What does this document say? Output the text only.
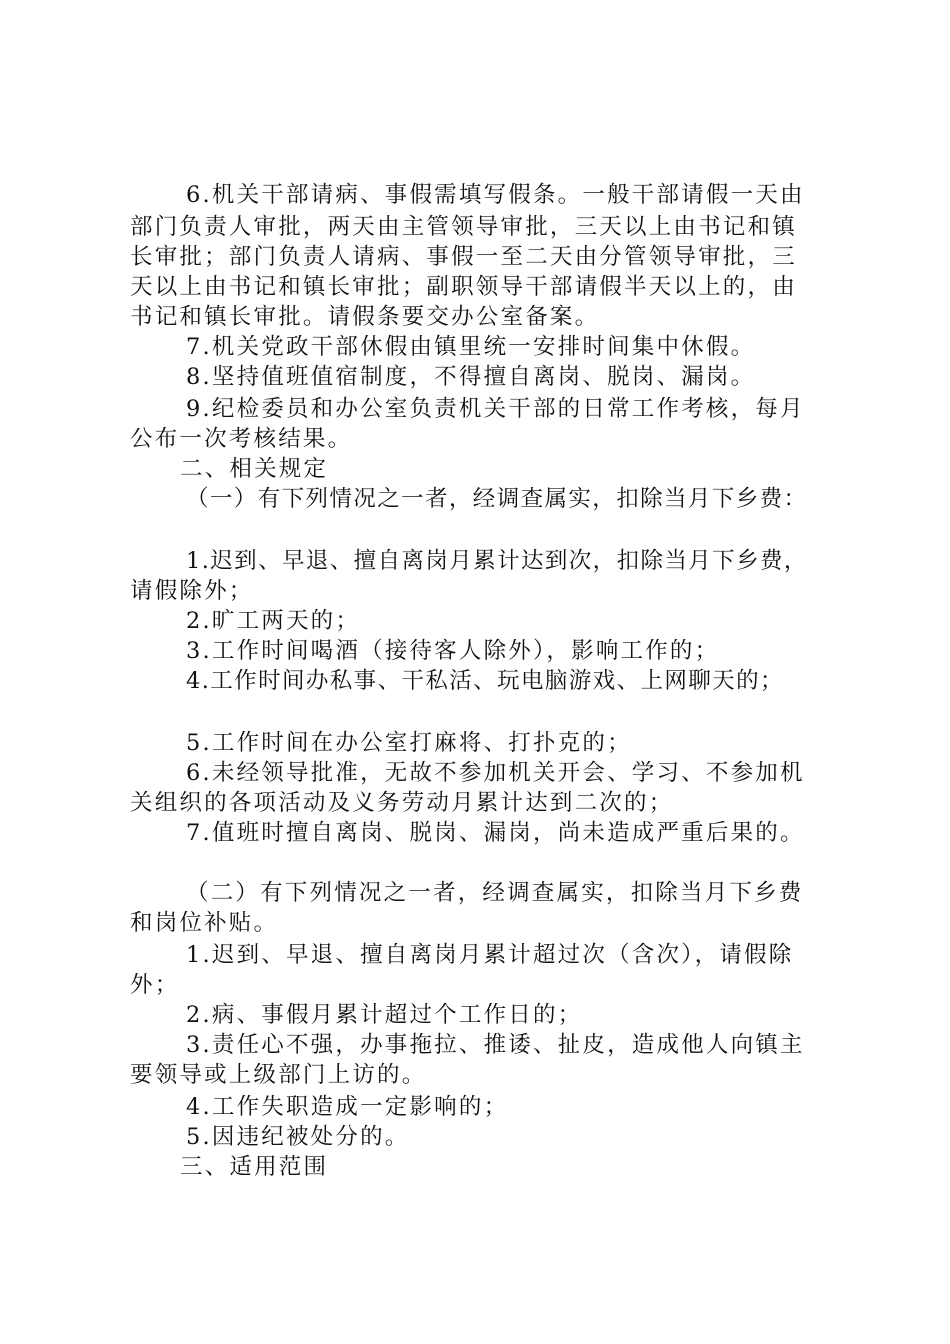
6.机关干部请病、事假需填写假条。一般干部请假一天由
部门负责人审批，两天由主管领导审批，三天以上由书记和镇
长审批；部门负责人请病、事假一至二天由分管领导审批，三
天以上由书记和镇长审批；副职领导干部请假半天以上的，由
书记和镇长审批。请假条要交办公室备案。
7.机关党政干部休假由镇里统一安排时间集中休假。
8.坚持值班值宿制度，不得擅自离岗、脱岗、漏岗。
9.纪检委员和办公室负责机关干部的日常工作考核，每月
公布一次考核结果。
二、相关规定
（一）有下列情况之一者，经调查属实，扣除当月下乡费：
1.迟到、早退、擅自离岗月累计达到次，扣除当月下乡费，
请假除外；
2.旷工两天的；
3.工作时间喝酒（接待客人除外），影响工作的；
4.工作时间办私事、干私活、玩电脑游戏、上网聊天的；
5.工作时间在办公室打麻将、打扑克的；
6.未经领导批准，无故不参加机关开会、学习、不参加机
关组织的各项活动及义务劳动月累计达到二次的；
7.值班时擅自离岗、脱岗、漏岗，尚未造成严重后果的。
（二）有下列情况之一者，经调查属实，扣除当月下乡费
和岗位补贴。
1.迟到、早退、擅自离岗月累计超过次（含次），请假除
外；
2.病、事假月累计超过个工作日的；
3.责任心不强，办事拖拉、推诿、扯皮，造成他人向镇主
要领导或上级部门上访的。
4.工作失职造成一定影响的；
5.因违纪被处分的。
三、适用范围
